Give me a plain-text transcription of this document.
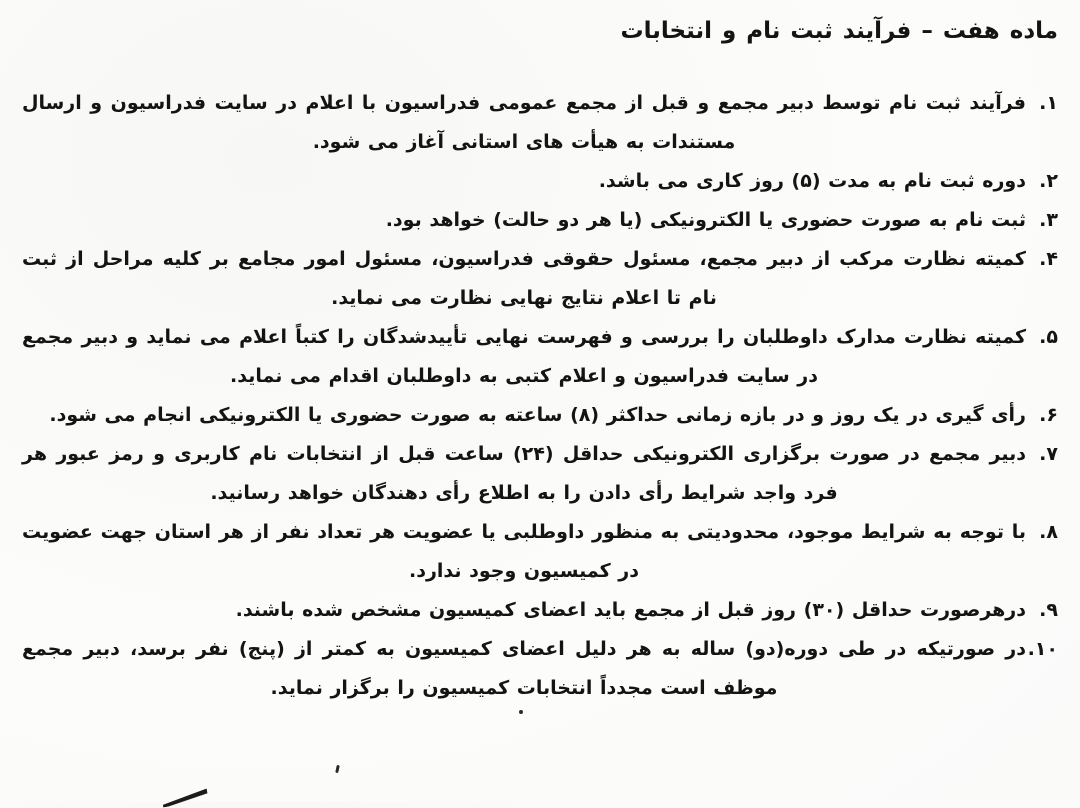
ماده هفت – فرآیند ثبت نام و انتخابات
۱.

فرآیند ثبت نام توسط دبیر مجمع و قبل از مجمع عمومی فدراسیون با اعلام در سایت فدراسیون و ارسال مستندات به هیأت های استانی آغاز می شود.

۲.

دوره ثبت نام به مدت (۵) روز کاری می باشد.

۳.

ثبت نام به صورت حضوری یا الکترونیکی (یا هر دو حالت) خواهد بود.

۴.

کمیته نظارت مرکب از دبیر مجمع، مسئول حقوقی فدراسیون، مسئول امور مجامع بر کلیه مراحل از ثبت نام تا اعلام نتایج نهایی نظارت می نماید.

۵.

کمیته نظارت مدارک داوطلبان را بررسی و فهرست نهایی تأییدشدگان را کتباً اعلام می نماید و دبیر مجمع در سایت فدراسیون و اعلام کتبی به داوطلبان اقدام می نماید.

۶.

رأی گیری در یک روز و در بازه زمانی حداکثر (۸) ساعته به صورت حضوری یا الکترونیکی انجام می شود.

۷.

دبیر مجمع در صورت برگزاری الکترونیکی حداقل (۲۴) ساعت قبل از انتخابات نام کاربری و رمز عبور هر فرد واجد شرایط رأی دادن را به اطلاع رأی دهندگان خواهد رسانید.

۸.

با توجه به شرایط موجود، محدودیتی به منظور داوطلبی یا عضویت هر تعداد نفر از هر استان جهت عضویت در کمیسیون وجود ندارد.

۹.

درهرصورت حداقل (۳۰) روز قبل از مجمع باید اعضای کمیسیون مشخص شده باشند.

۱۰.

در صورتیکه در طی دوره(دو) ساله به هر دلیل اعضای کمیسیون به کمتر از (پنج) نفر برسد، دبیر مجمع موظف است مجدداً انتخابات کمیسیون را برگزار نماید.
